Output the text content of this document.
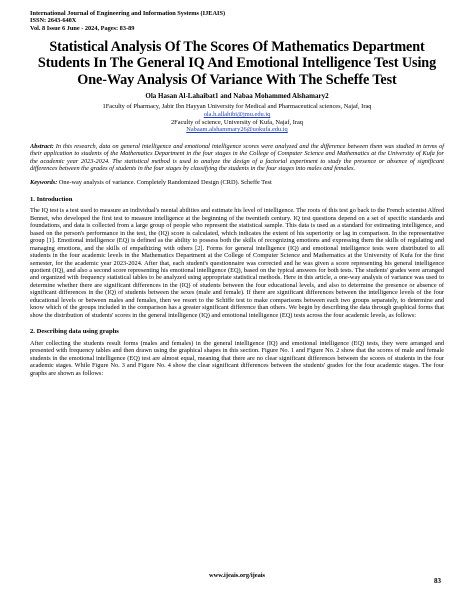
International Journal of Engineering and Information Systems (IJEAIS)
ISSN: 2643-640X
Vol. 8 Issue 6 June - 2024, Pages: 83-89
Statistical Analysis Of The Scores Of Mathematics Department Students In The General IQ And Emotional Intelligence Test Using One-Way Analysis Of Variance With The Scheffe Test
Ola Hasan Al-Lahaibat1 and Nabaa Mohammed Alshamary2
1Faculty of Pharmacy, Jabir Ibn Hayyan University for Medical and Pharmaceutical sciences, Najaf, Iraq
ola.h.allahibi@jmu.edu.iq
2Faculty of science, University of Kufa, Najaf, Iraq
Nabaam.alshammary26@uokufa.edu.iq
Abstract: In this research, data on general intelligence and emotional intelligence scores were analyzed and the difference between them was studied in terms of their application to students of the Mathematics Department in the four stages in the College of Computer Science and Mathematics at the University of Kufa for the academic year 2023-2024. The statistical method is used to analyze the design of a factorial experiment to study the presence or absence of significant differences between the grades of students in the four stages by classifying the students in the four stages into males and females.
Keywords: One-way analysis of variance. Completely Randomized Design (CRD). Scheffe Test
1. Introduction

The IQ test is a test used to measure an individual's mental abilities and estimate his level of intelligence. The roots of this test go back to the French scientist Alfred Bennet, who developed the first test to measure intelligence at the beginning of the twentieth century. IQ test questions depend on a set of specific standards and foundations, and data is collected from a large group of people who represent the statistical sample. This data is used as a standard for estimating intelligence, and based on the person's performance in the test, the (IQ) score is calculated, which indicates the extent of his superiority or lag in comparison. In the representative group [1]. Emotional intelligence (EQ) is defined as the ability to possess both the skills of recognizing emotions and expressing them the skills of regulating and managing emotions, and the skills of empathizing with others [2]. Forms for general intelligence (IQ) and emotional intelligence tests were distributed to all students in the four academic levels in the Mathematics Department at the College of Computer Science and Mathematics at the University of Kufa for the first semester, for the academic year 2023-2024. After that, each student's questionnaire was corrected and he was given a score representing his general intelligence quotient (IQ), and also a second score representing his emotional intelligence (EQ), based on the typical answers for both tests. The students' grades were arranged and organized with frequency statistical tables to be analyzed using appropriate statistical methods. Here in this article, a one-way analysis of variance was used to determine whether there are significant differences in the (IQ) of students between the four educational levels, and also to determine the presence or absence of significant differences in the (IQ) of students between the sexes (male and female). If there are significant differences between the intelligence levels of the four educational levels or between males and females, then we resort to the Schiffe test to make comparisons between each two groups separately, to determine and know which of the groups included in the comparison has a greater significant difference than others. We begin by describing the data through graphical forms that show the distribution of students' scores in the general intelligence (IQ) and emotional intelligence (EQ) tests across the four academic levels, as follows:

2. Describing data using graphs

After collecting the students result forms (males and females) in the general intelligence (IQ) and emotional intelligence (EQ) tests, they were arranged and presented with frequency tables and then drawn using the graphical shapes in this section. Figure No. 1 and Figure No. 2 show that the scores of male and female students in the emotional intelligence (EQ) test are almost equal, meaning that there are no clear significant differences between the scores of students in the four academic stages. While Figure No. 3 and Figure No. 4 show the clear significant differences between the students' grades for the four academic stages. The four graphs are shown as follows:

www.ijeais.org/ijeais
83
